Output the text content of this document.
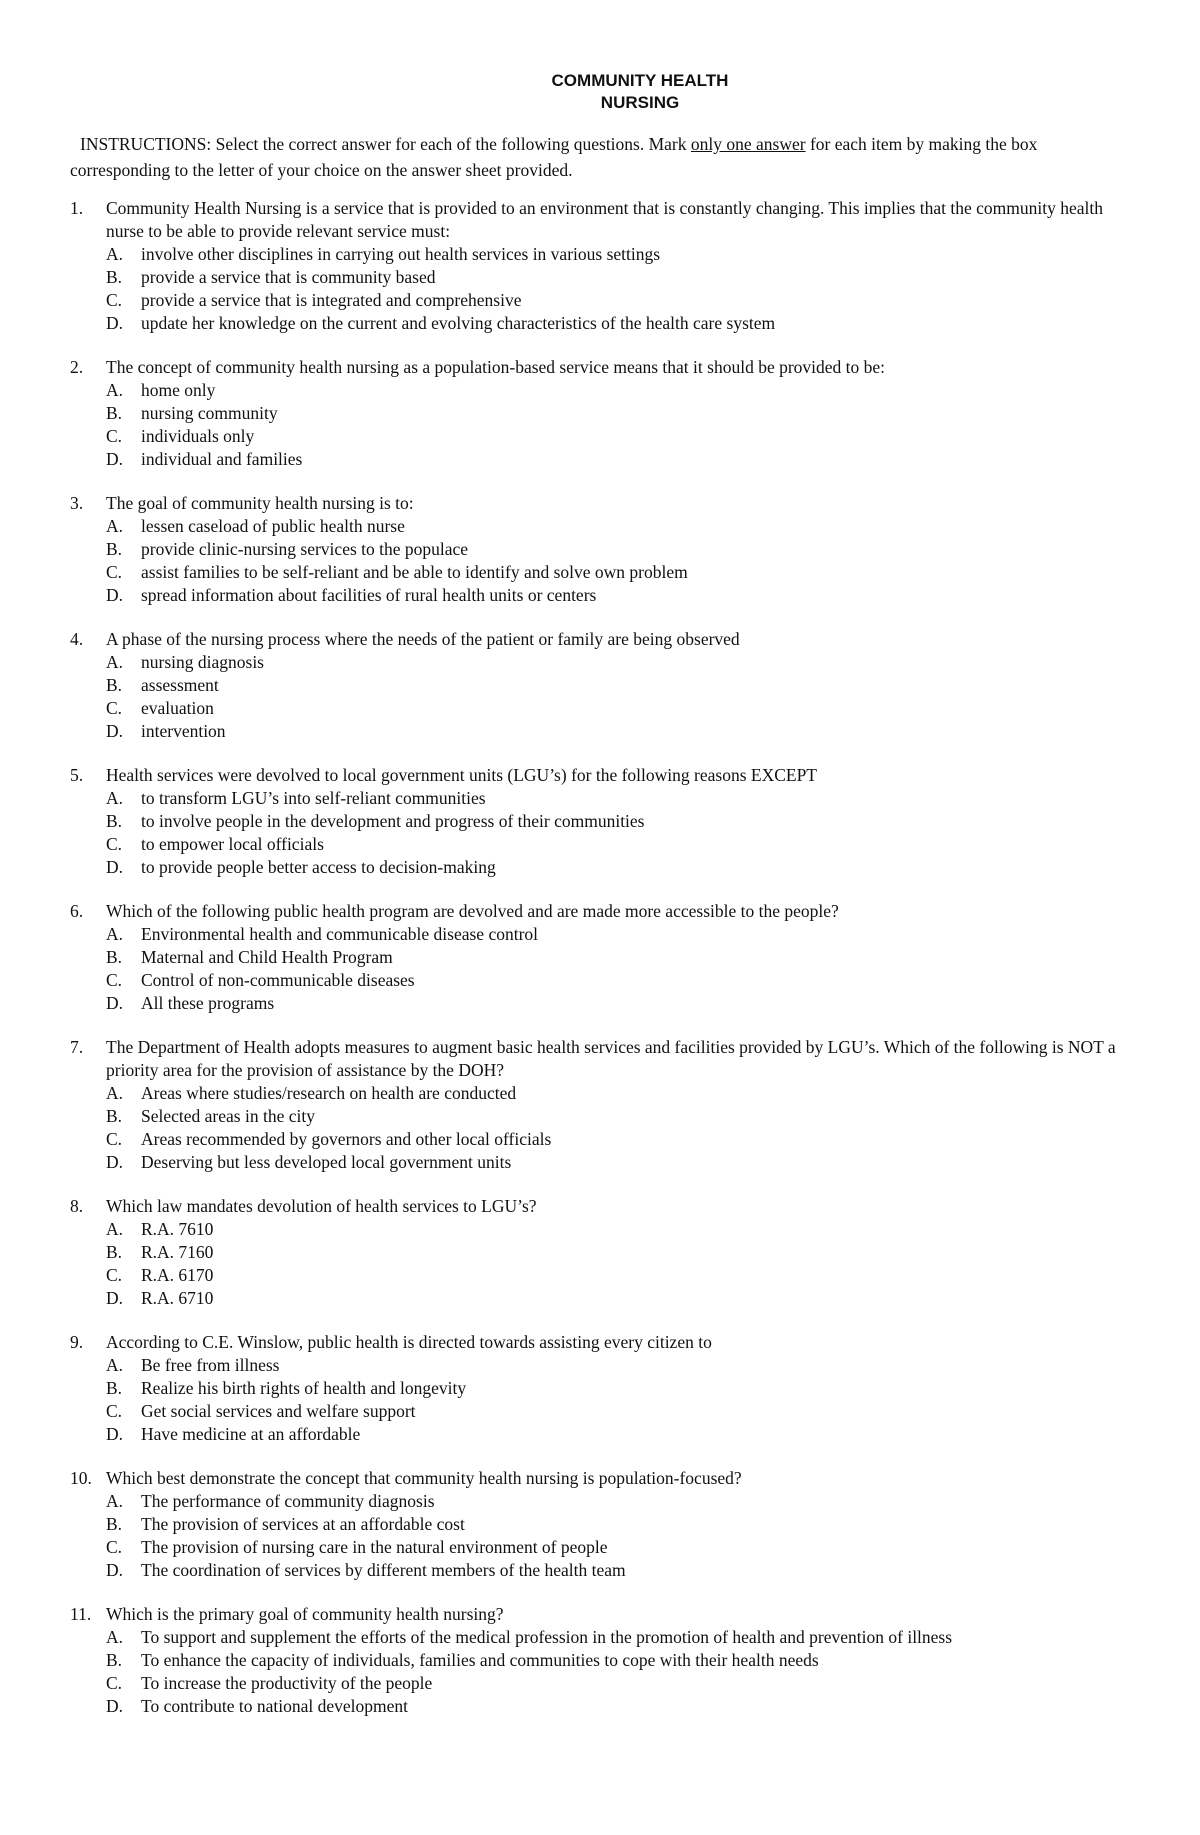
COMMUNITY HEALTH
NURSING
INSTRUCTIONS: Select the correct answer for each of the following questions. Mark only one answer for each item by making the box corresponding to the letter of your choice on the answer sheet provided.
1.	Community Health Nursing is a service that is provided to an environment that is constantly changing. This implies that the community health nurse to be able to provide relevant service must:
A.	involve other disciplines in carrying out health services in various settings
B.	provide a service that is community based
C.	provide a service that is integrated and comprehensive
D.	update her knowledge on the current and evolving characteristics of the health care system
2.	The concept of community health nursing as a population-based service means that it should be provided to be:
A.	home only
B.	nursing community
C.	individuals only
D.	individual and families
3.	The goal of community health nursing is to:
A.	lessen caseload of public health nurse
B.	provide clinic-nursing services to the populace
C.	assist families to be self-reliant and be able to identify and solve own problem
D.	spread information about facilities of rural health units or centers
4.	A phase of the nursing process where the needs of the patient or family are being observed
A.	nursing diagnosis
B.	assessment
C.	evaluation
D.	intervention
5.	Health services were devolved to local government units (LGU’s) for the following reasons EXCEPT
A.	to transform LGU’s into self-reliant communities
B.	to involve people in the development and progress of their communities
C.	to empower local officials
D.	to provide people better access to decision-making
6.	Which of the following public health program are devolved and are made more accessible to the people?
A.	Environmental health and communicable disease control
B.	Maternal and Child Health Program
C.	Control of non-communicable diseases
D.	All these programs
7.	The Department of Health adopts measures to augment basic health services and facilities provided by LGU’s. Which of the following is NOT a priority area for the provision of assistance by the DOH?
A.	Areas where studies/research on health are conducted
B.	Selected areas in the city
C.	Areas recommended by governors and other local officials
D.	Deserving but less developed local government units
8.	Which law mandates devolution of health services to LGU’s?
A.	R.A. 7610
B.	R.A. 7160
C.	R.A. 6170
D.	R.A. 6710
9.	According to C.E. Winslow, public health is directed towards assisting every citizen to
A.	Be free from illness
B.	Realize his birth rights of health and longevity
C.	Get social services and welfare support
D.	Have medicine at an affordable
10. Which best demonstrate the concept that community health nursing is population-focused?
A.	The performance of community diagnosis
B.	The provision of services at an affordable cost
C.	The provision of nursing care in the natural environment of people
D.	The coordination of services by different members of the health team
11. Which is the primary goal of community health nursing?
A.	To support and supplement the efforts of the medical profession in the promotion of health and prevention of illness
B.	To enhance the capacity of individuals, families and communities to cope with their health needs
C.	To increase the productivity of the people
D.	To contribute to national development
